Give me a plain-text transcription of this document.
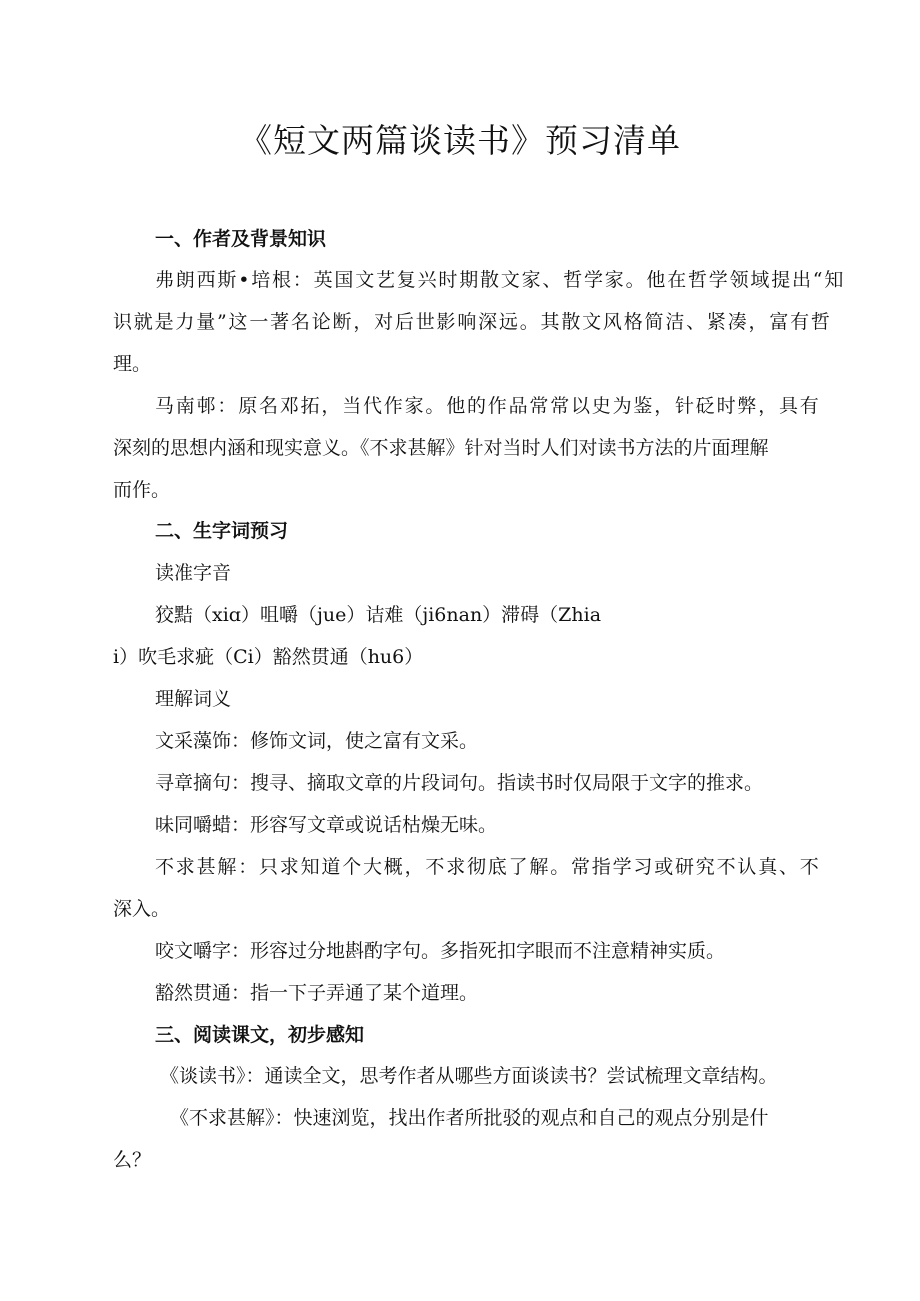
《短文两篇谈读书》预习清单
一、作者及背景知识
弗朗西斯•培根：英国文艺复兴时期散文家、哲学家。他在哲学领域提出“知
识就是力量”这一著名论断，对后世影响深远。其散文风格简洁、紧凑，富有哲
理。
马南邨：原名邓拓，当代作家。他的作品常常以史为鉴，针砭时弊，具有
深刻的思想内涵和现实意义。《不求甚解》针对当时人们对读书方法的片面理解
而作。
二、生字词预习
读准字音
狡黠（xiɑ）咀嚼（jue）诘难（ji6nan）滞碍（Zhia
i）吹毛求疵（Ci）豁然贯通（hu6）
理解词义
文采藻饰：修饰文词，使之富有文采。
寻章摘句：搜寻、摘取文章的片段词句。指读书时仅局限于文字的推求。
味同嚼蜡：形容写文章或说话枯燥无味。
不求甚解：只求知道个大概，不求彻底了解。常指学习或研究不认真、不
深入。
咬文嚼字：形容过分地斟酌字句。多指死扣字眼而不注意精神实质。
豁然贯通：指一下子弄通了某个道理。
三、阅读课文，初步感知
《谈读书》：通读全文，思考作者从哪些方面谈读书？尝试梳理文章结构。
《不求甚解》：快速浏览，找出作者所批驳的观点和自己的观点分别是什
么？
